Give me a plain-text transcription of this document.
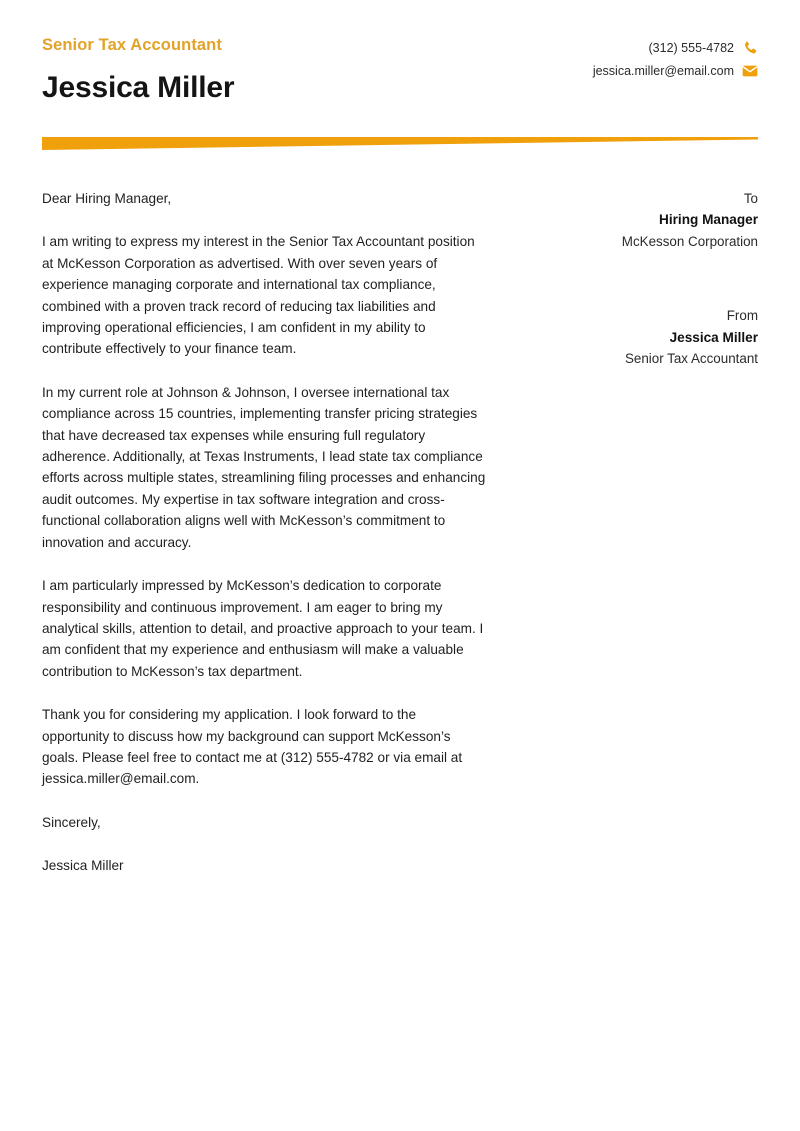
Senior Tax Accountant
Jessica Miller
(312) 555-4782
jessica.miller@email.com

Dear Hiring Manager,

I am writing to express my interest in the Senior Tax Accountant position at McKesson Corporation as advertised. With over seven years of experience managing corporate and international tax compliance, combined with a proven track record of reducing tax liabilities and improving operational efficiencies, I am confident in my ability to contribute effectively to your finance team.

In my current role at Johnson & Johnson, I oversee international tax compliance across 15 countries, implementing transfer pricing strategies that have decreased tax expenses while ensuring full regulatory adherence. Additionally, at Texas Instruments, I lead state tax compliance efforts across multiple states, streamlining filing processes and enhancing audit outcomes. My expertise in tax software integration and cross-functional collaboration aligns well with McKesson’s commitment to innovation and accuracy.

I am particularly impressed by McKesson’s dedication to corporate responsibility and continuous improvement. I am eager to bring my analytical skills, attention to detail, and proactive approach to your team. I am confident that my experience and enthusiasm will make a valuable contribution to McKesson’s tax department.

Thank you for considering my application. I look forward to the opportunity to discuss how my background can support McKesson’s goals. Please feel free to contact me at (312) 555-4782 or via email at jessica.miller@email.com.

Sincerely,

Jessica Miller

To
Hiring Manager
McKesson Corporation
From
Jessica Miller
Senior Tax Accountant
